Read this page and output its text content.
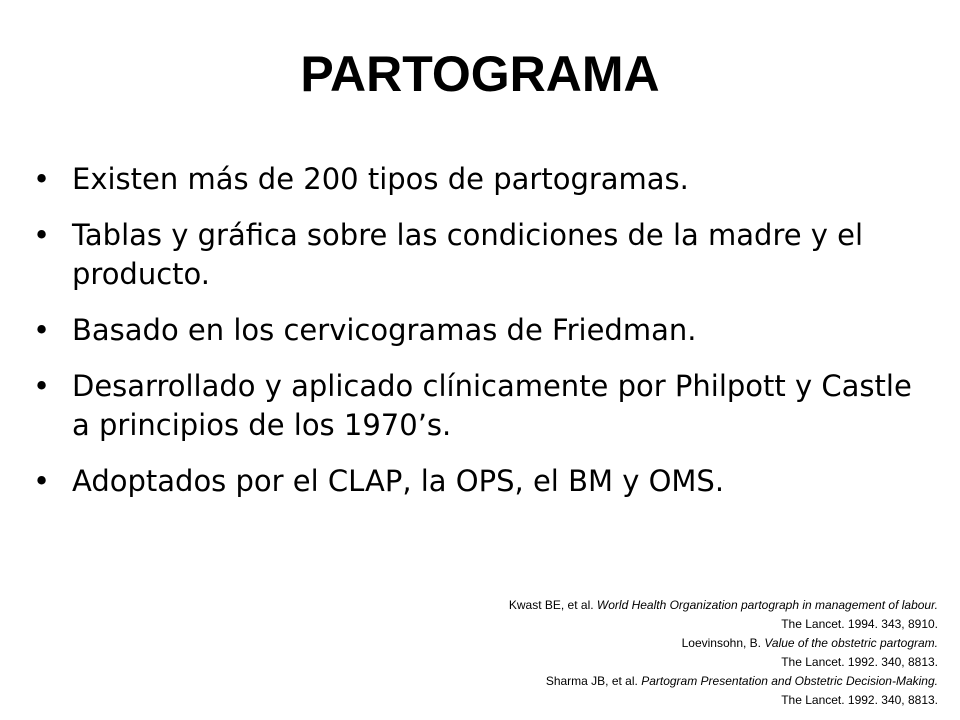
PARTOGRAMA
• Existen más de 200 tipos de partogramas.
• Tablas y gráfica sobre las condiciones de la madre y el producto.
• Basado en los cervicogramas de Friedman.
• Desarrollado y aplicado clínicamente por Philpott y Castle a principios de los 1970’s.
• Adoptados por el CLAP, la OPS, el BM y OMS.
Kwast BE, et al. World Health Organization partograph in management of labour.
The Lancet. 1994. 343, 8910.
Loevinsohn, B. Value of the obstetric partogram.
The Lancet. 1992. 340, 8813.
Sharma JB, et al. Partogram Presentation and Obstetric Decision-Making.
The Lancet. 1992. 340, 8813.
